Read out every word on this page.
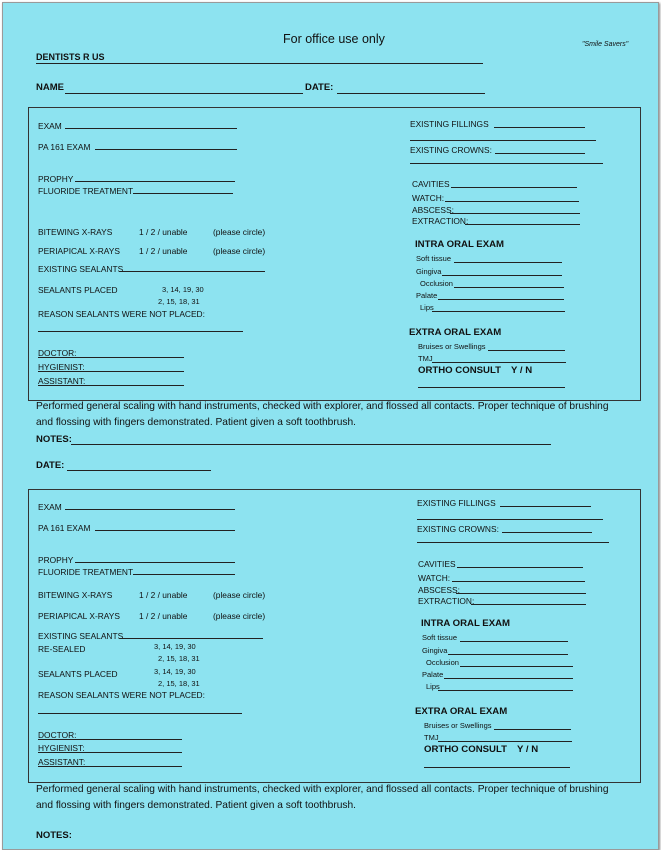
For office use only	"Smile Savers"
DENTISTS R US
NAME	DATE:
EXAM
PA 161 EXAM
PROPHY
FLUORIDE TREATMENT
BITEWING X-RAYS	1 / 2 / unable	(please circle)
PERIAPICAL X-RAYS 1 / 2 / unable	(please circle)
EXISTING SEALANTS
SEALANTS PLACED	3, 14, 19, 30
2, 15, 18, 31
REASON SEALANTS WERE NOT PLACED:
DOCTOR:
HYGIENIST:
ASSISTANT:
EXISTING FILLINGS
EXISTING CROWNS:
CAVITIES
WATCH:
ABSCESS:
EXTRACTION:
INTRA ORAL EXAM
Soft tissue
Gingiva
Occlusion
Palate
Lips
EXTRA ORAL EXAM
Bruises or Swellings
TMJ
ORTHO CONSULT Y / N
Performed general scaling with hand instruments, checked with explorer, and flossed all contacts. Proper technique of brushing and flossing with fingers demonstrated. Patient given a soft toothbrush.
NOTES:
DATE:
EXAM
PA 161 EXAM
PROPHY
FLUORIDE TREATMENT
BITEWING X-RAYS	1 / 2 / unable	(please circle)
PERIAPICAL X-RAYS 1 / 2 / unable	(please circle)
EXISTING SEALANTS
RE-SEALED	3, 14, 19, 30
2, 15, 18, 31
SEALANTS PLACED	3, 14, 19, 30
2, 15, 18, 31
REASON SEALANTS WERE NOT PLACED:
DOCTOR:
HYGIENIST:
ASSISTANT:
EXISTING FILLINGS
EXISTING CROWNS:
CAVITIES
WATCH:
ABSCESS:
EXTRACTION:
INTRA ORAL EXAM
Soft tissue
Gingiva
Occlusion
Palate
Lips
EXTRA ORAL EXAM
Bruises or Swellings
TMJ
ORTHO CONSULT Y / N
Performed general scaling with hand instruments, checked with explorer, and flossed all contacts. Proper technique of brushing and flossing with fingers demonstrated. Patient given a soft toothbrush.
NOTES:
